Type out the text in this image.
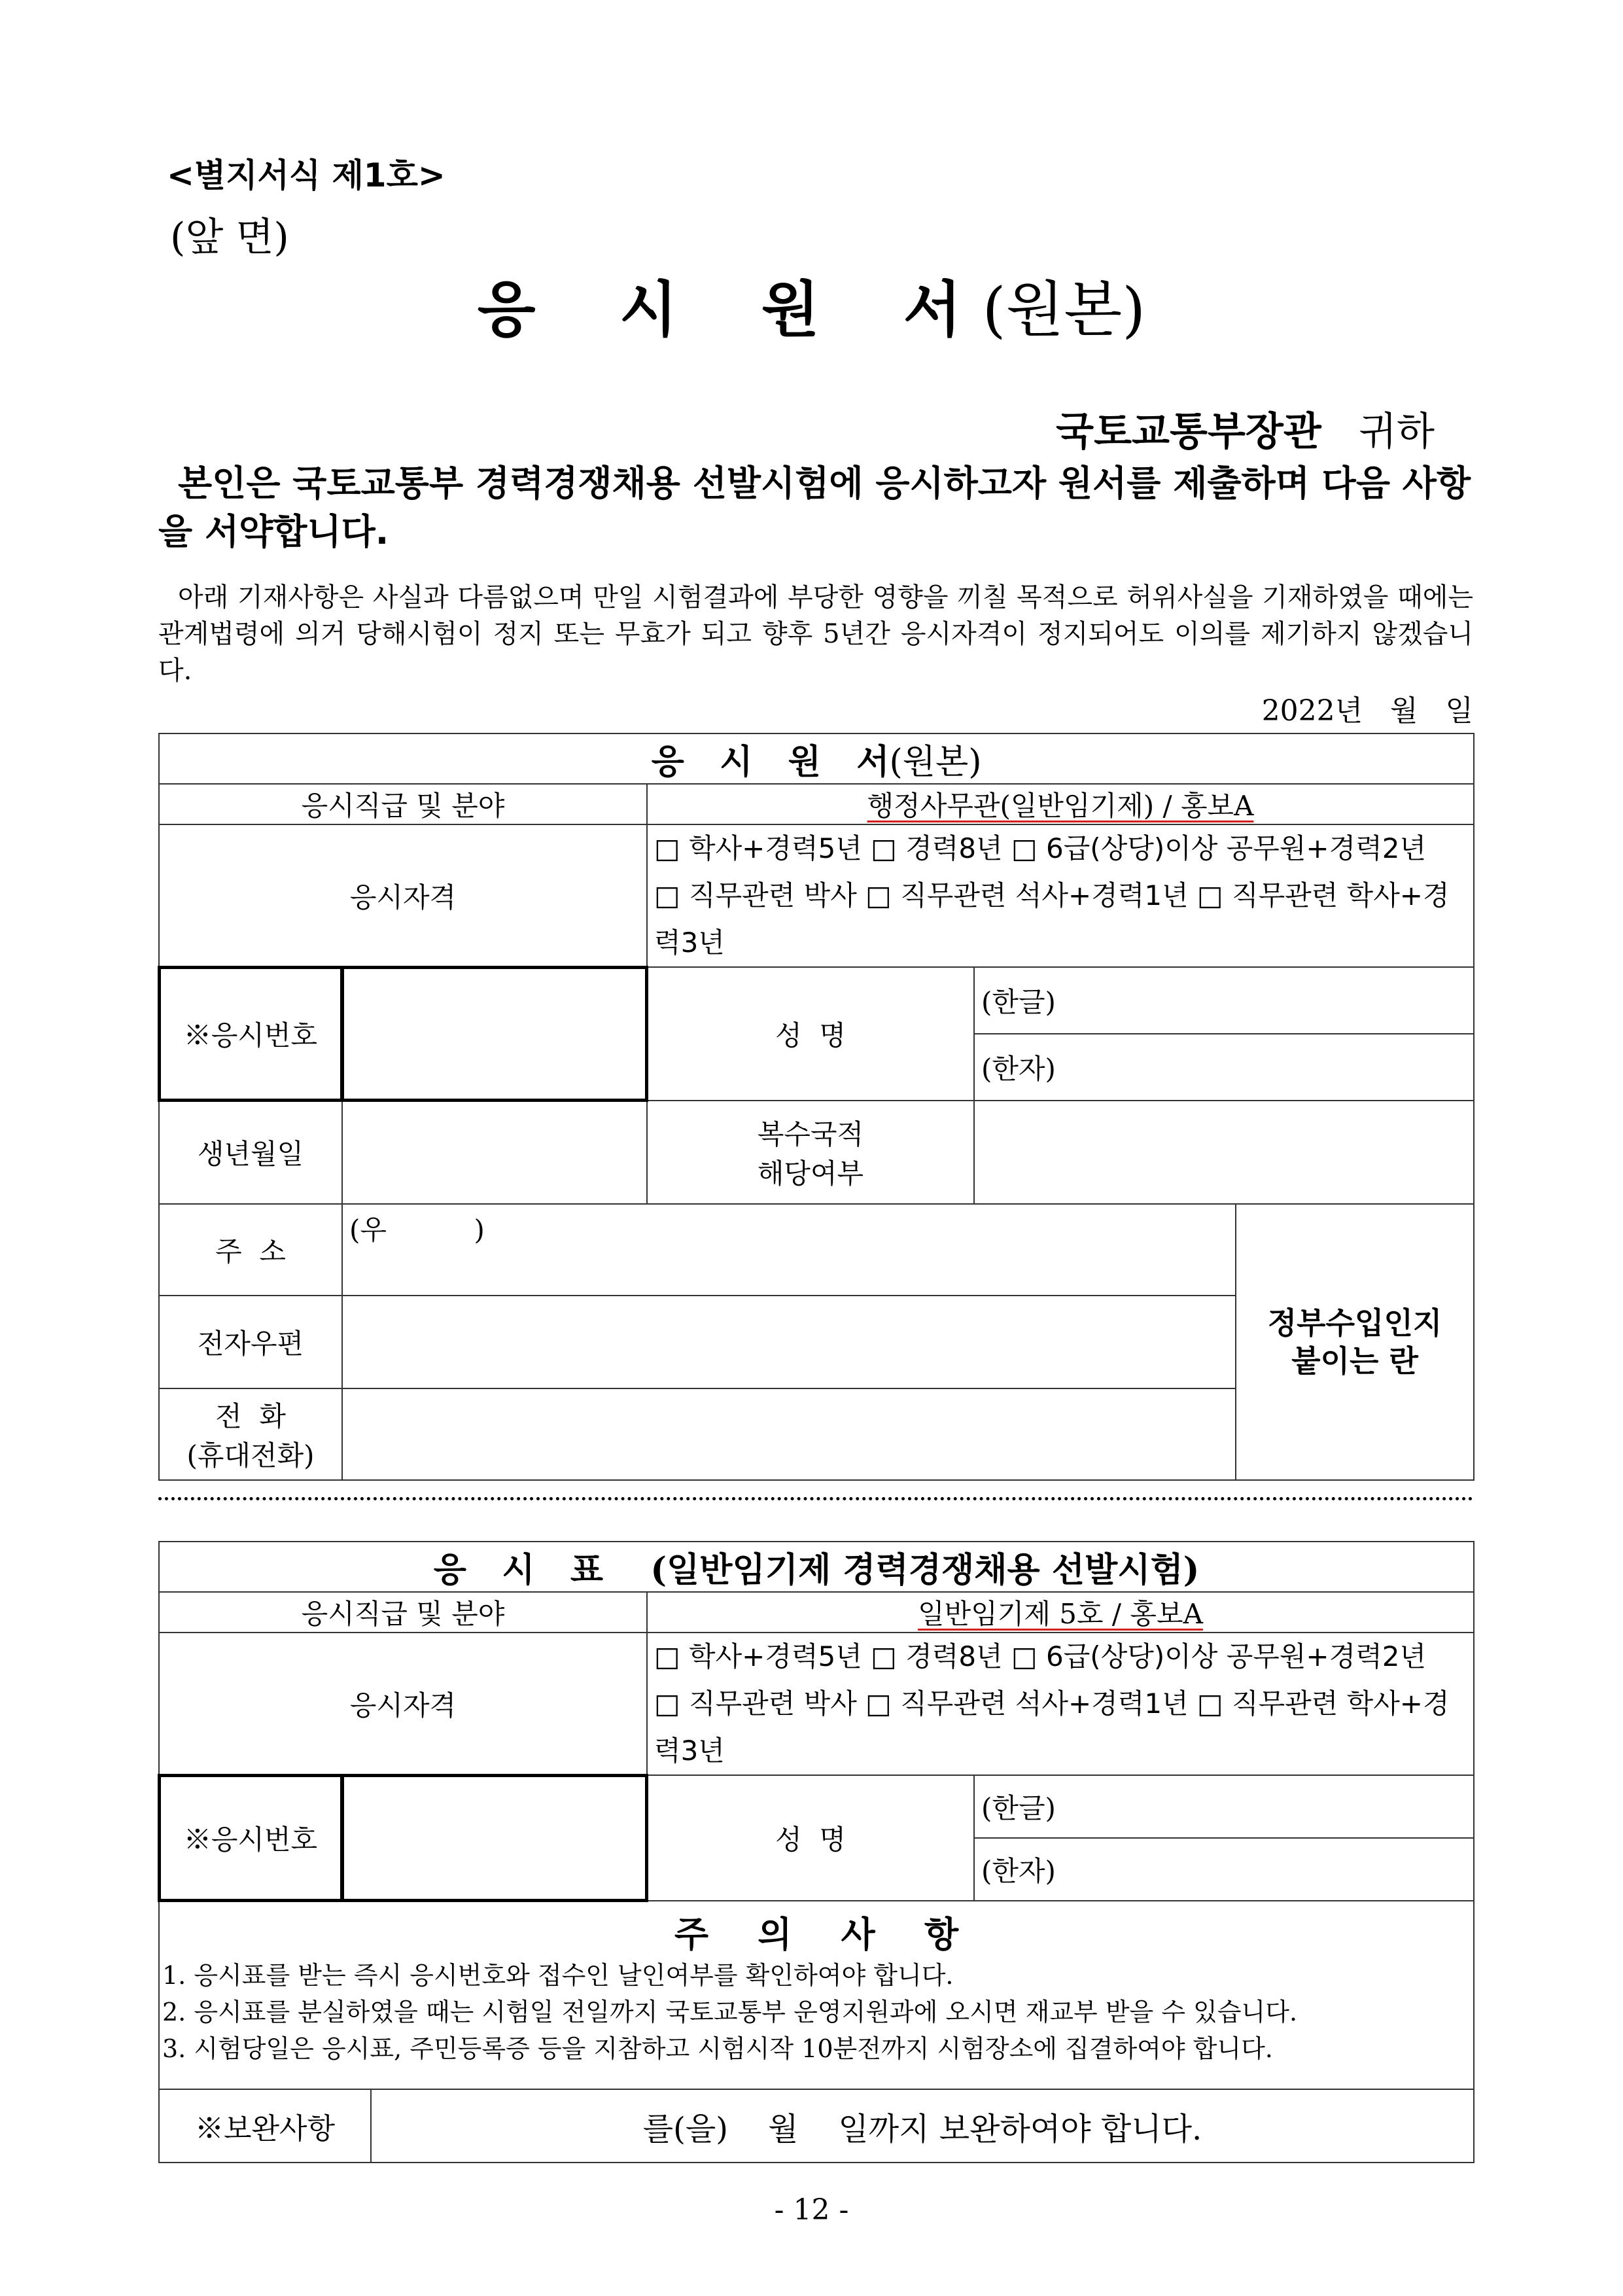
<별지서식 제1호>
(앞 면)
응    시    원    서 (원본)
국토교통부장관 귀하
본인은 국토교통부 경력경쟁채용 선발시험에 응시하고자 원서를 제출하며 다음 사항을 서약합니다.
아래 기재사항은 사실과 다름없으며 만일 시험결과에 부당한 영향을 끼칠 목적으로 허위사실을 기재하였을 때에는 관계법령에 의거 당해시험이 정지 또는 무효가 되고 향후 5년간 응시자격이 정지되어도 이의를 제기하지 않겠습니다.
2022년   월   일
응   시   원   서(원본)				
응시직급 및 분야		행정사무관(일반임기제) / 홍보A		
응시자격		□ 학사+경력5년 □ 경력8년 □ 6급(상당)이상 공무원+경력2년
□ 직무관련 박사 □ 직무관련 석사+경력1년 □ 직무관련 학사+경력3년		

※응시번호		성  명	(한글)	
			(한자)	
생년월일		복수국적
해당여부		

주  소	(우          )			정부수입인지
붙이는 란

전자우편				

전  화
(휴대전화)				

응   시   표    (일반임기제 경력경쟁채용 선발시험)			
응시직급 및 분야		일반임기제 5호 / 홍보A	
응시자격		□ 학사+경력5년 □ 경력8년 □ 6급(상당)이상 공무원+경력2년
□ 직무관련 박사 □ 직무관련 석사+경력1년 □ 직무관련 학사+경력3년	

※응시번호		성  명	(한글)
			(한자)

주    의    사    항
1. 응시표를 받는 즉시 응시번호와 접수인 날인여부를 확인하여야 합니다.
2. 응시표를 분실하였을 때는 시험일 전일까지 국토교통부 운영지원과에 오시면 재교부 받을 수 있습니다.
3. 시험당일은 응시표, 주민등록증 등을 지참하고 시험시작 10분전까지 시험장소에 집결하여야 합니다.			

※보완사항 를(을)    월    일까지 보완하여야 합니다.			
- 12 -
